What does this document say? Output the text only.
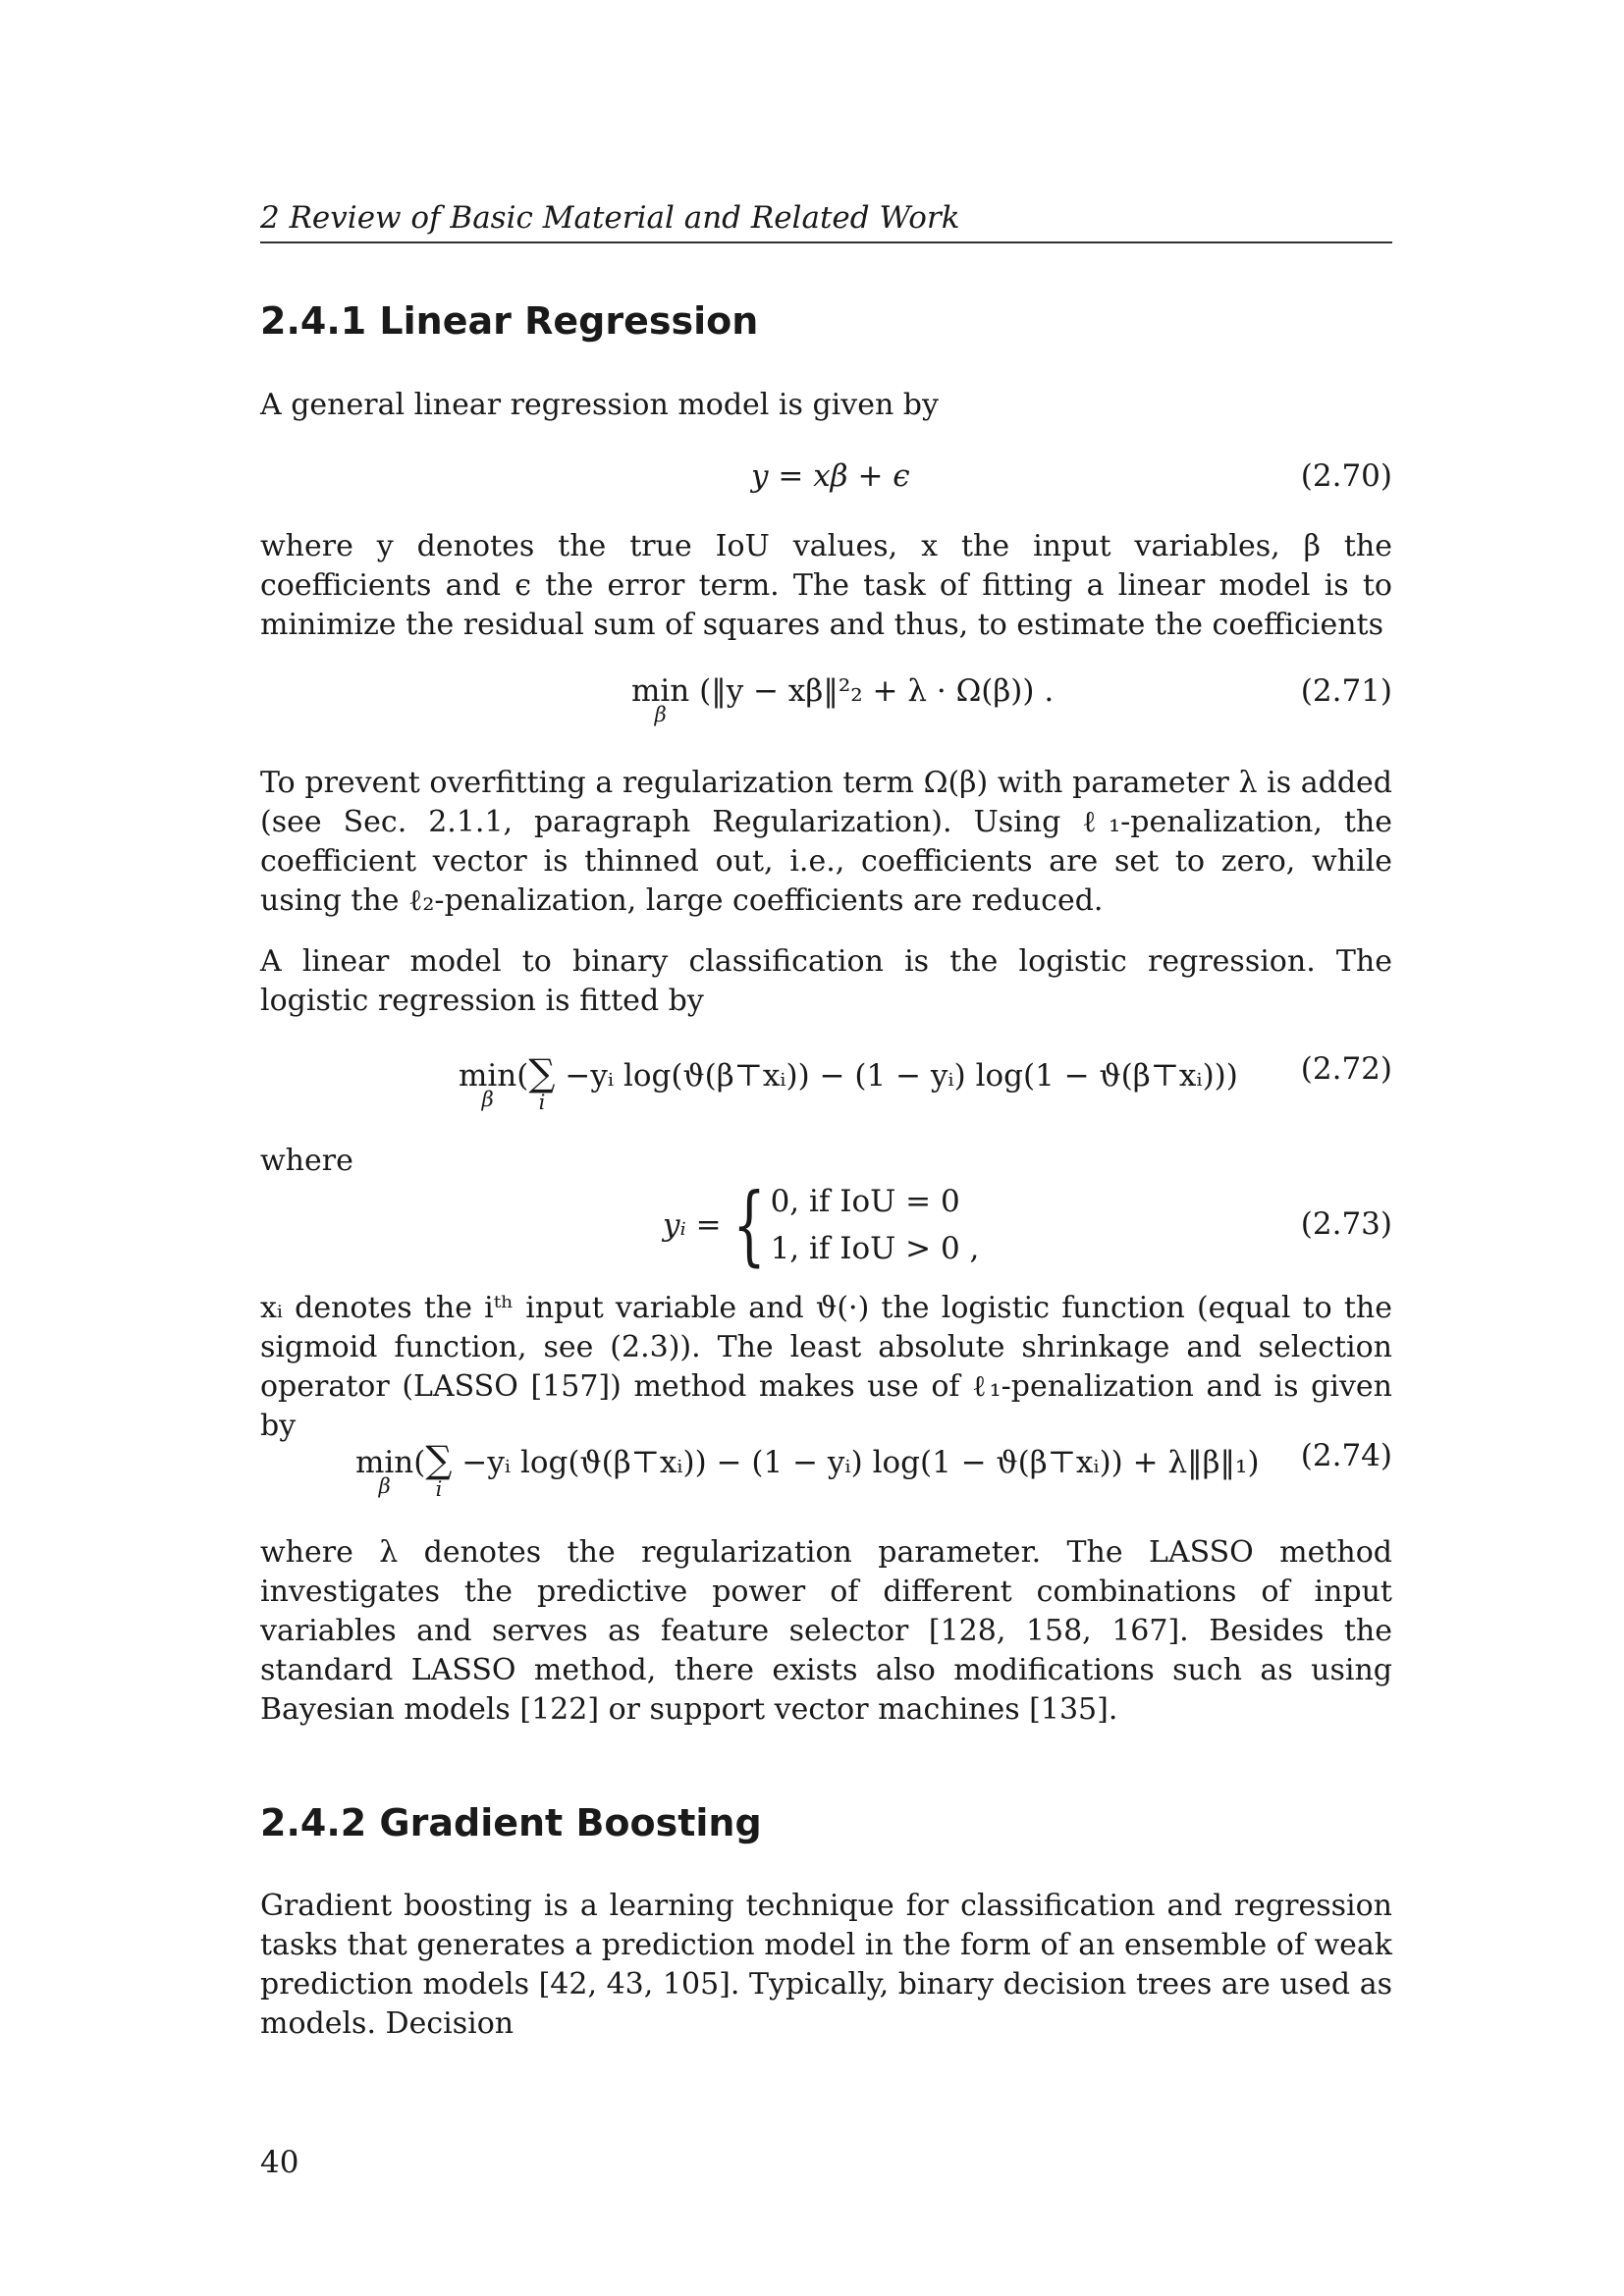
2 Review of Basic Material and Related Work
2.4.1 Linear Regression

A general linear regression model is given by

y = xβ + ϵ	(2.70)

where y denotes the true IoU values, x the input variables, β the coefficients and ϵ the error term. The task of fitting a linear model is to minimize the residual sum of squares and thus, to estimate the coefficients

min
β
(‖y − xβ‖²₂ + λ · Ω(β)) .	(2.71)

To prevent overfitting a regularization term Ω(β) with parameter λ is added (see Sec. 2.1.1, paragraph Regularization). Using ℓ₁-penalization, the coefficient vector is thinned out, i.e., coefficients are set to zero, while using the ℓ₂-penalization, large coefficients are reduced.

A linear model to binary classification is the logistic regression. The logistic regression is fitted by

min
β
(∑
i
−yᵢ log(ϑ(β⊤xᵢ)) − (1 − yᵢ) log(1 − ϑ(β⊤xᵢ))) (2.72)

where

yᵢ = { 0, if IoU = 0
1, if IoU > 0 ,
(2.73)

xᵢ denotes the iᵗʰ input variable and ϑ(·) the logistic function (equal to the sigmoid function, see (2.3)). The least absolute shrinkage and selection operator (LASSO [157]) method makes use of ℓ₁-penalization and is given by

min
β
(∑
i
−yᵢ log(ϑ(β⊤xᵢ)) − (1 − yᵢ) log(1 − ϑ(β⊤xᵢ)) + λ‖β‖₁) (2.74)

where λ denotes the regularization parameter. The LASSO method investigates the predictive power of different combinations of input variables and serves as feature selector [128, 158, 167]. Besides the standard LASSO method, there exists also modifications such as using Bayesian models [122] or support vector machines [135].

2.4.2 Gradient Boosting

Gradient boosting is a learning technique for classification and regression tasks that generates a prediction model in the form of an ensemble of weak prediction models [42, 43, 105]. Typically, binary decision trees are used as models. Decision

40
